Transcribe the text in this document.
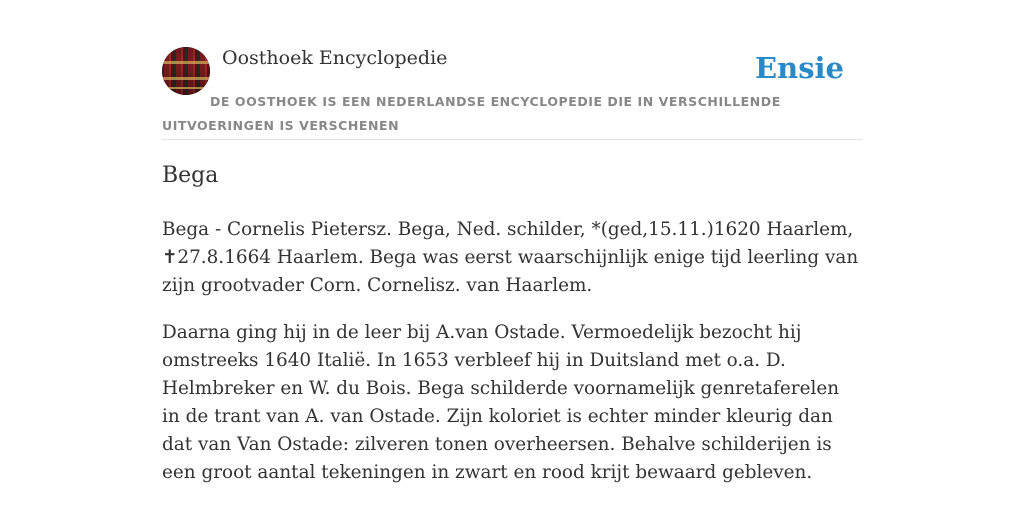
Oosthoek Encyclopedie	Ensie
DE OOSTHOEK IS EEN NEDERLANDSE ENCYCLOPEDIE DIE IN VERSCHILLENDE UITVOERINGEN IS VERSCHENEN
Bega

Bega - Cornelis Pietersz. Bega, Ned. schilder, *(ged,15.11.)1620 Haarlem, ✝27.8.1664 Haarlem. Bega was eerst waarschijnlijk enige tijd leerling van zijn grootvader Corn. Cornelisz. van Haarlem.

Daarna ging hij in de leer bij A.van Ostade. Vermoedelijk bezocht hij omstreeks 1640 Italië. In 1653 verbleef hij in Duitsland met o.a. D. Helmbreker en W. du Bois. Bega schilderde voornamelijk genretaferelen in de trant van A. van Ostade. Zijn koloriet is echter minder kleurig dan dat van Van Ostade: zilveren tonen overheersen. Behalve schilderijen is een groot aantal tekeningen in zwart en rood krijt bewaard gebleven.
